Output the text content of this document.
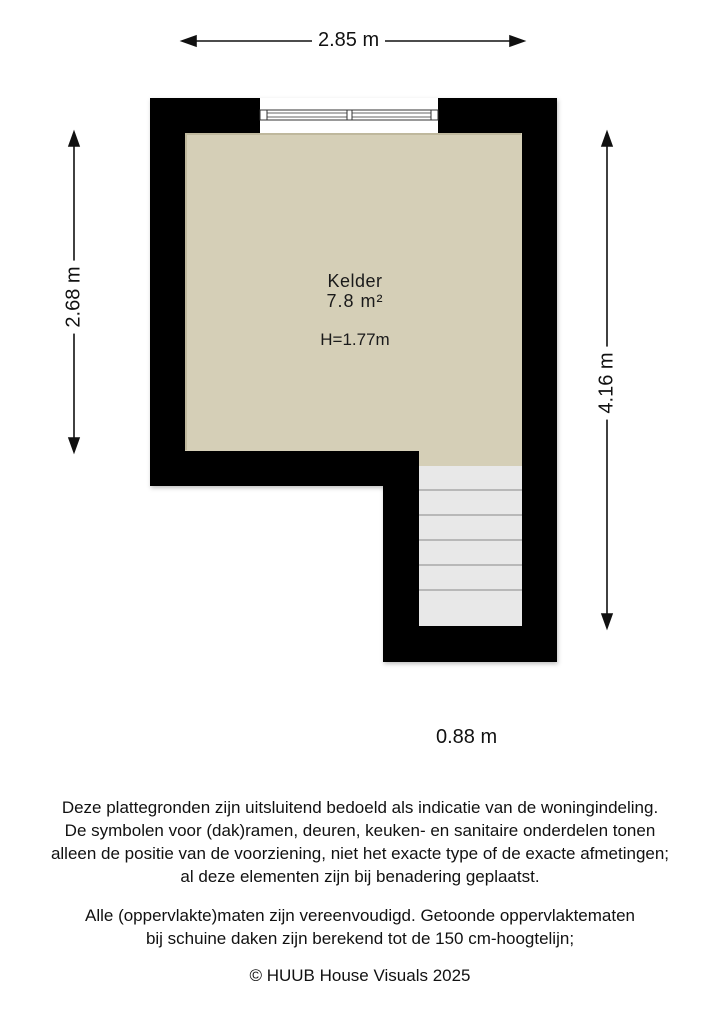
2.85 m
2.68 m
4.16 m
0.88 m
Kelder
7.8 m²
H=1.77m
Deze plattegronden zijn uitsluitend bedoeld als indicatie van de woningindeling.
De symbolen voor (dak)ramen, deuren, keuken- en sanitaire onderdelen tonen
alleen de positie van de voorziening, niet het exacte type of de exacte afmetingen;
al deze elementen zijn bij benadering geplaatst.
Alle (oppervlakte)maten zijn vereenvoudigd. Getoonde oppervlaktematen
bij schuine daken zijn berekend tot de 150 cm-hoogtelijn;
© HUUB House Visuals 2025
